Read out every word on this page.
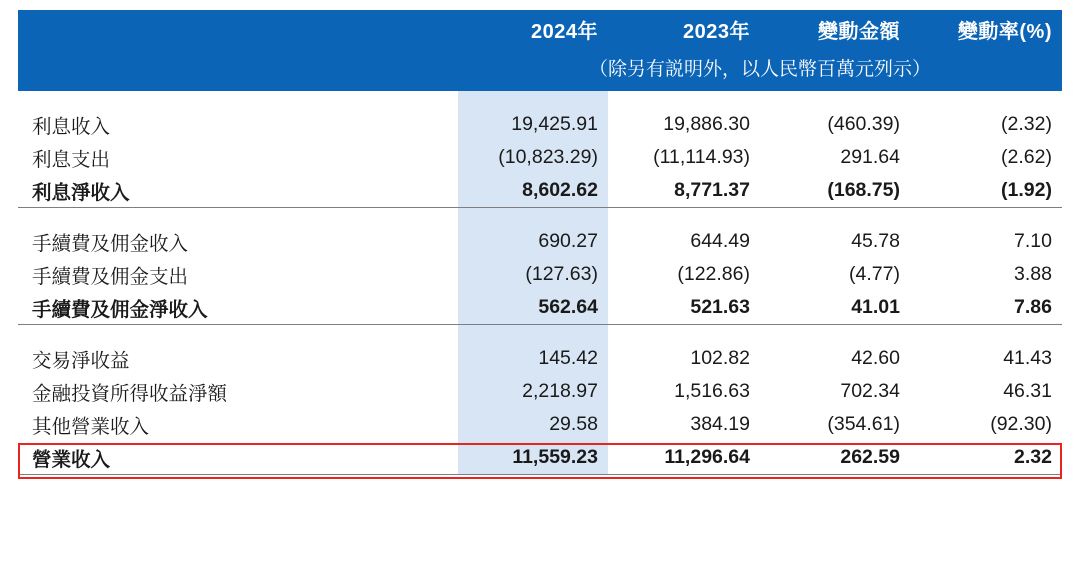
	2024年	2023年	變動金額	變動率(%)

	（除另有説明外，以人民幣百萬元列示）			

利息收入	19,425.91	19,886.30	(460.39)	(2.32)
利息支出	(10,823.29)	(11,114.93)	291.64	(2.62)
利息淨收入	8,602.62	8,771.37	(168.75)	(1.92)

手續費及佣金收入	690.27	644.49	45.78	7.10
手續費及佣金支出	(127.63)	(122.86)	(4.77)	3.88
手續費及佣金淨收入	562.64	521.63	41.01	7.86

交易淨收益	145.42	102.82	42.60	41.43
金融投資所得收益淨額	2,218.97	1,516.63	702.34	46.31
其他營業收入	29.58	384.19	(354.61)	(92.30)
營業收入	11,559.23	11,296.64	262.59	2.32
